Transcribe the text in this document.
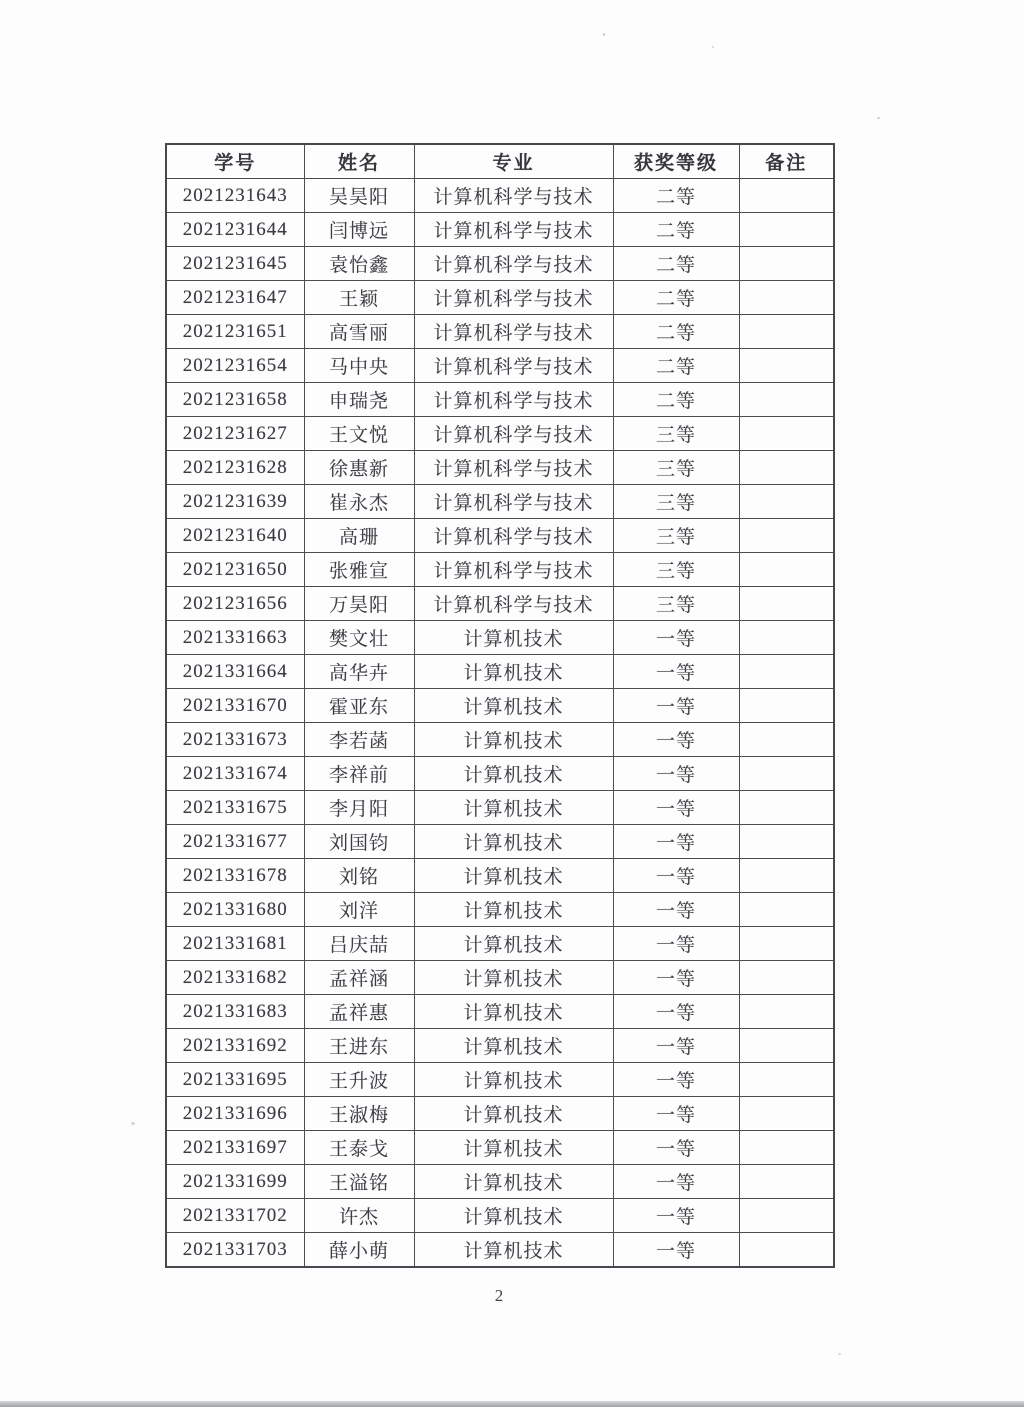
学号	姓名	专业	获奖等级	备注
2021231643	吴昊阳	计算机科学与技术	二等	
2021231644	闫博远	计算机科学与技术	二等	
2021231645	袁怡鑫	计算机科学与技术	二等	
2021231647	王颖	计算机科学与技术	二等	
2021231651	高雪丽	计算机科学与技术	二等	
2021231654	马中央	计算机科学与技术	二等	
2021231658	申瑞尧	计算机科学与技术	二等	
2021231627	王文悦	计算机科学与技术	三等	
2021231628	徐惠新	计算机科学与技术	三等	
2021231639	崔永杰	计算机科学与技术	三等	
2021231640	高珊	计算机科学与技术	三等	
2021231650	张雅宣	计算机科学与技术	三等	
2021231656	万昊阳	计算机科学与技术	三等	
2021331663	樊文壮	计算机技术	一等	
2021331664	高华卉	计算机技术	一等	
2021331670	霍亚东	计算机技术	一等	
2021331673	李若菡	计算机技术	一等	
2021331674	李祥前	计算机技术	一等	
2021331675	李月阳	计算机技术	一等	
2021331677	刘国钧	计算机技术	一等	
2021331678	刘铭	计算机技术	一等	
2021331680	刘洋	计算机技术	一等	
2021331681	吕庆喆	计算机技术	一等	
2021331682	孟祥涵	计算机技术	一等	
2021331683	孟祥惠	计算机技术	一等	
2021331692	王进东	计算机技术	一等	
2021331695	王升波	计算机技术	一等	
2021331696	王淑梅	计算机技术	一等	
2021331697	王泰戈	计算机技术	一等	
2021331699	王溢铭	计算机技术	一等	
2021331702	许杰	计算机技术	一等	
2021331703	薛小萌	计算机技术	一等	
2
